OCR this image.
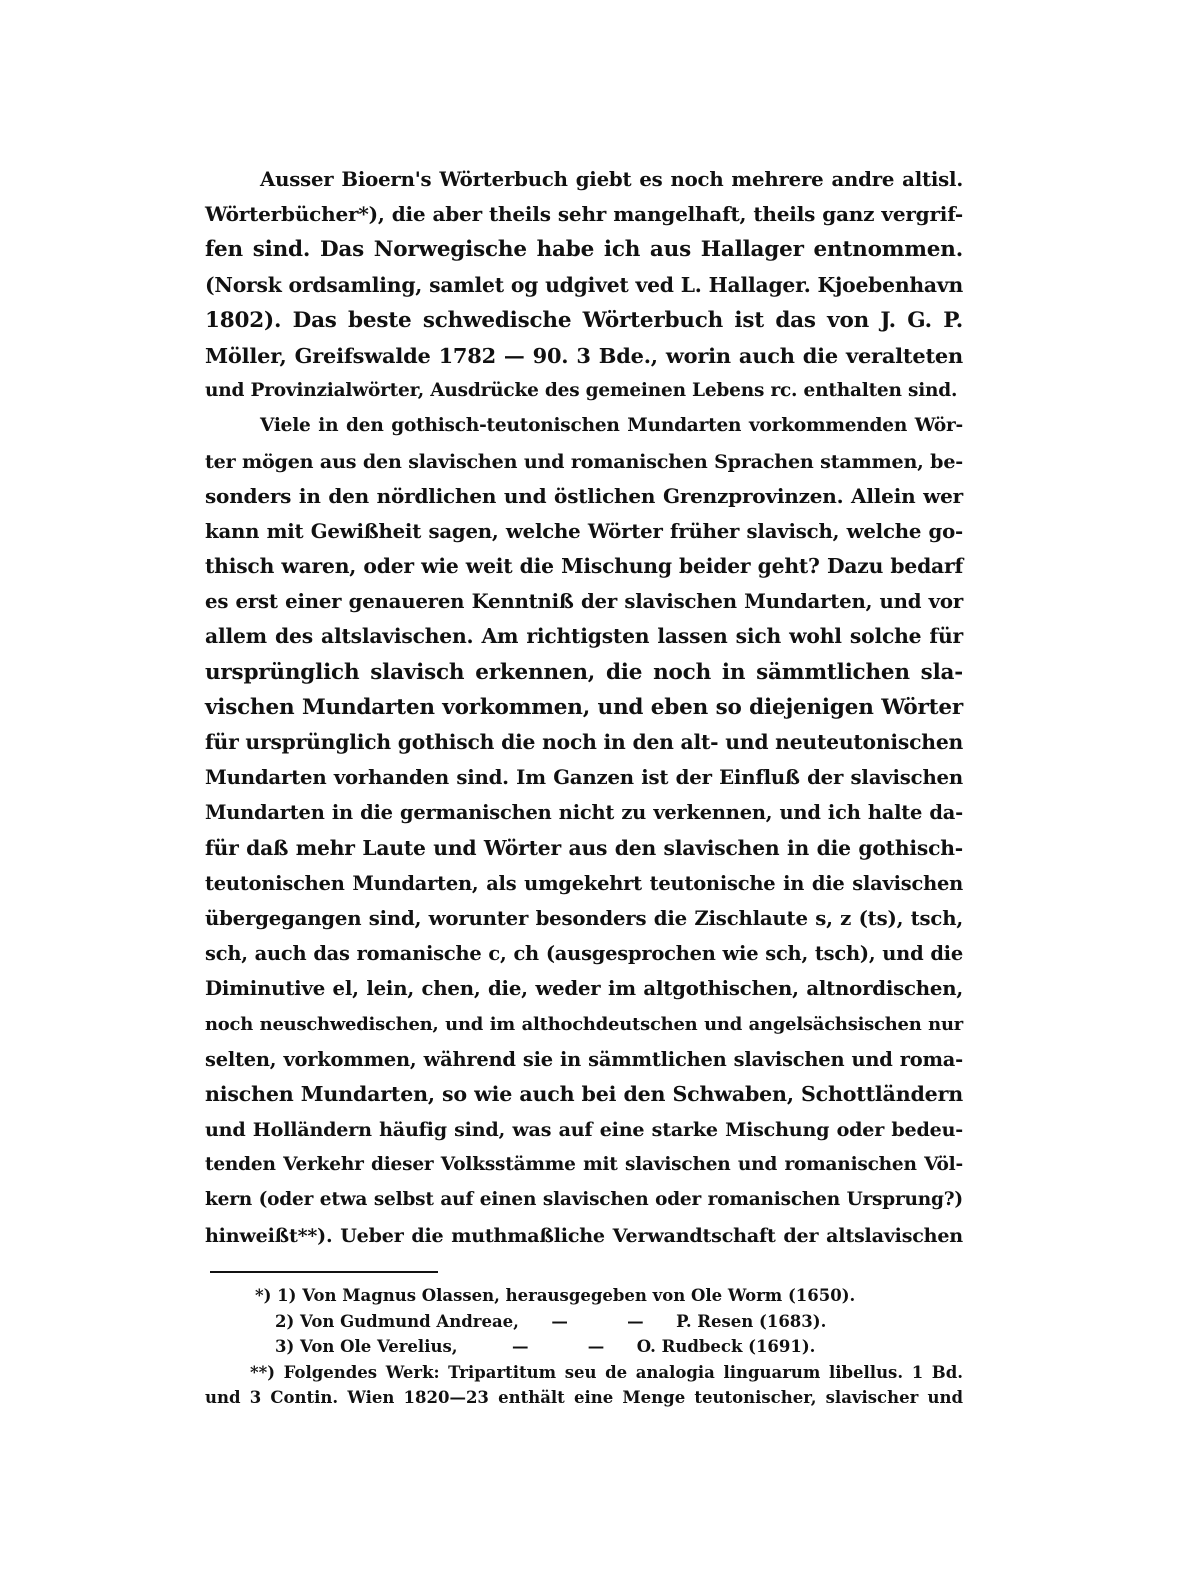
Ausser Bioern's Wörterbuch giebt es noch mehrere andre altisl.
Wörterbücher*), die aber theils sehr mangelhaft, theils ganz vergrif-
fen sind. Das Norwegische habe ich aus Hallager entnommen.
(Norsk ordsamling, samlet og udgivet ved L. Hallager. Kjoebenhavn
1802). Das beste schwedische Wörterbuch ist das von J. G. P.
Möller, Greifswalde 1782 — 90. 3 Bde., worin auch die veralteten
und Provinzialwörter, Ausdrücke des gemeinen Lebens rc. enthalten sind.
Viele in den gothisch-teutonischen Mundarten vorkommenden Wör-
ter mögen aus den slavischen und romanischen Sprachen stammen, be-
sonders in den nördlichen und östlichen Grenzprovinzen. Allein wer
kann mit Gewißheit sagen, welche Wörter früher slavisch, welche go-
thisch waren, oder wie weit die Mischung beider geht? Dazu bedarf
es erst einer genaueren Kenntniß der slavischen Mundarten, und vor
allem des altslavischen. Am richtigsten lassen sich wohl solche für
ursprünglich slavisch erkennen, die noch in sämmtlichen sla-
vischen Mundarten vorkommen, und eben so diejenigen Wörter
für ursprünglich gothisch die noch in den alt- und neuteutonischen
Mundarten vorhanden sind. Im Ganzen ist der Einfluß der slavischen
Mundarten in die germanischen nicht zu verkennen, und ich halte da-
für daß mehr Laute und Wörter aus den slavischen in die gothisch-
teutonischen Mundarten, als umgekehrt teutonische in die slavischen
übergegangen sind, worunter besonders die Zischlaute s, z (ts), tsch,
sch, auch das romanische c, ch (ausgesprochen wie sch, tsch), und die
Diminutive el, lein, chen, die, weder im altgothischen, altnordischen,
noch neuschwedischen, und im althochdeutschen und angelsächsischen nur
selten, vorkommen, während sie in sämmtlichen slavischen und roma-
nischen Mundarten, so wie auch bei den Schwaben, Schottländern
und Holländern häufig sind, was auf eine starke Mischung oder bedeu-
tenden Verkehr dieser Volksstämme mit slavischen und romanischen Völ-
kern (oder etwa selbst auf einen slavischen oder romanischen Ursprung?)
hinweißt**). Ueber die muthmaßliche Verwandtschaft der altslavischen
*) 1) Von Magnus Olassen, herausgegeben von Ole Worm (1650).
2) Von Gudmund Andreae, —	— P. Resen (1683).
3) Von Ole Verelius,	—	— O. Rudbeck (1691).
**) Folgendes Werk: Tripartitum seu de analogia linguarum libellus. 1 Bd.
und 3 Contin. Wien 1820—23 enthält eine Menge teutonischer, slavischer und
